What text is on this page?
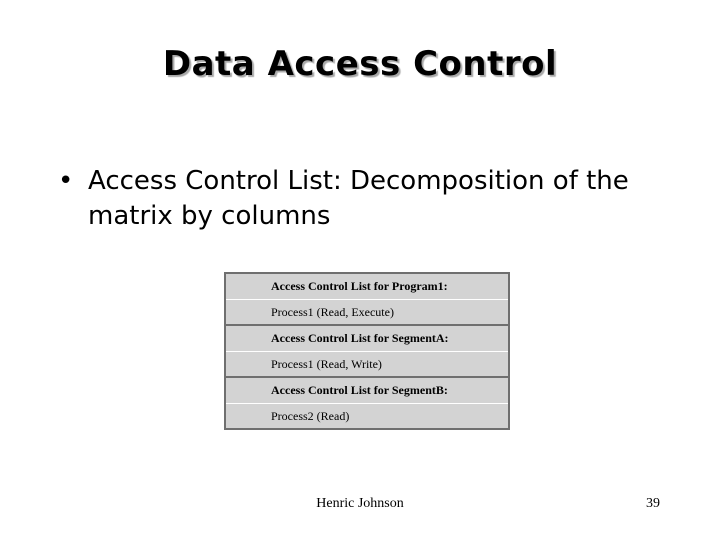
Data Access Control
• Access Control List: Decomposition of the matrix by columns
Access Control List for Program1:
Process1 (Read, Execute)
Access Control List for SegmentA:
Process1 (Read, Write)
Access Control List for SegmentB:
Process2 (Read)
Henric Johnson	39
